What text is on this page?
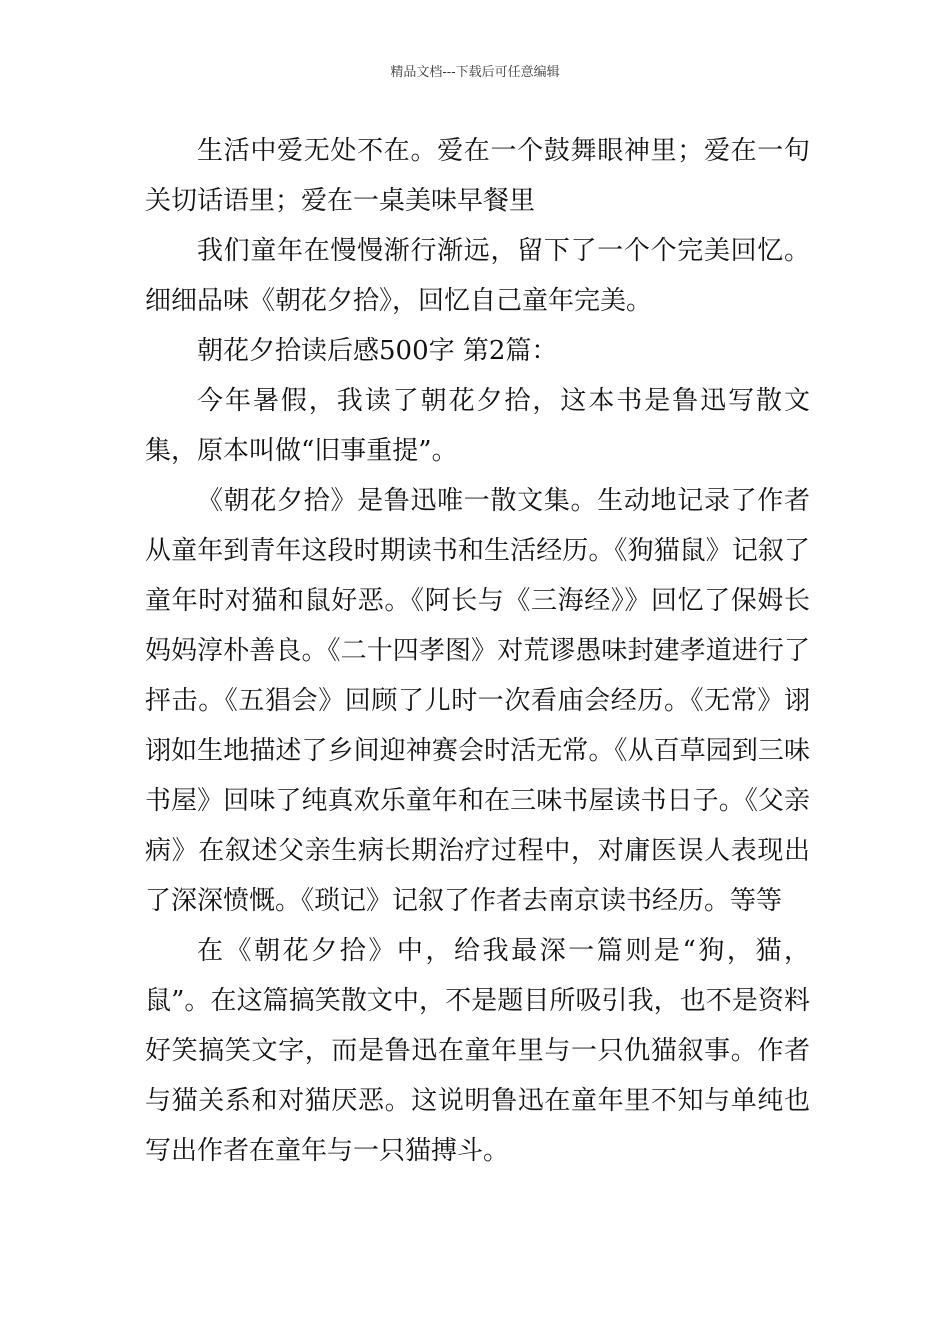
精品文档---下载后可任意编辑

生活中爱无处不在。爱在一个鼓舞眼神里；爱在一句关切话语里；爱在一桌美味早餐里

我们童年在慢慢渐行渐远，留下了一个个完美回忆。细细品味《朝花夕拾》，回忆自己童年完美。

朝花夕拾读后感500字 第2篇：

今年暑假，我读了朝花夕拾，这本书是鲁迅写散文集，原本叫做“旧事重提”。

《朝花夕拾》是鲁迅唯一散文集。生动地记录了作者从童年到青年这段时期读书和生活经历。《狗猫鼠》记叙了童年时对猫和鼠好恶。《阿长与《三海经》》回忆了保姆长妈妈淳朴善良。《二十四孝图》对荒谬愚味封建孝道进行了抨击。《五猖会》回顾了儿时一次看庙会经历。《无常》诩诩如生地描述了乡间迎神赛会时活无常。《从百草园到三味书屋》回味了纯真欢乐童年和在三味书屋读书日子。《父亲病》在叙述父亲生病长期治疗过程中，对庸医误人表现出了深深愤慨。《琐记》记叙了作者去南京读书经历。等等

在《朝花夕拾》中，给我最深一篇则是“狗，猫，鼠”。在这篇搞笑散文中，不是题目所吸引我，也不是资料好笑搞笑文字，而是鲁迅在童年里与一只仇猫叙事。作者与猫关系和对猫厌恶。这说明鲁迅在童年里不知与单纯也写出作者在童年与一只猫搏斗。
